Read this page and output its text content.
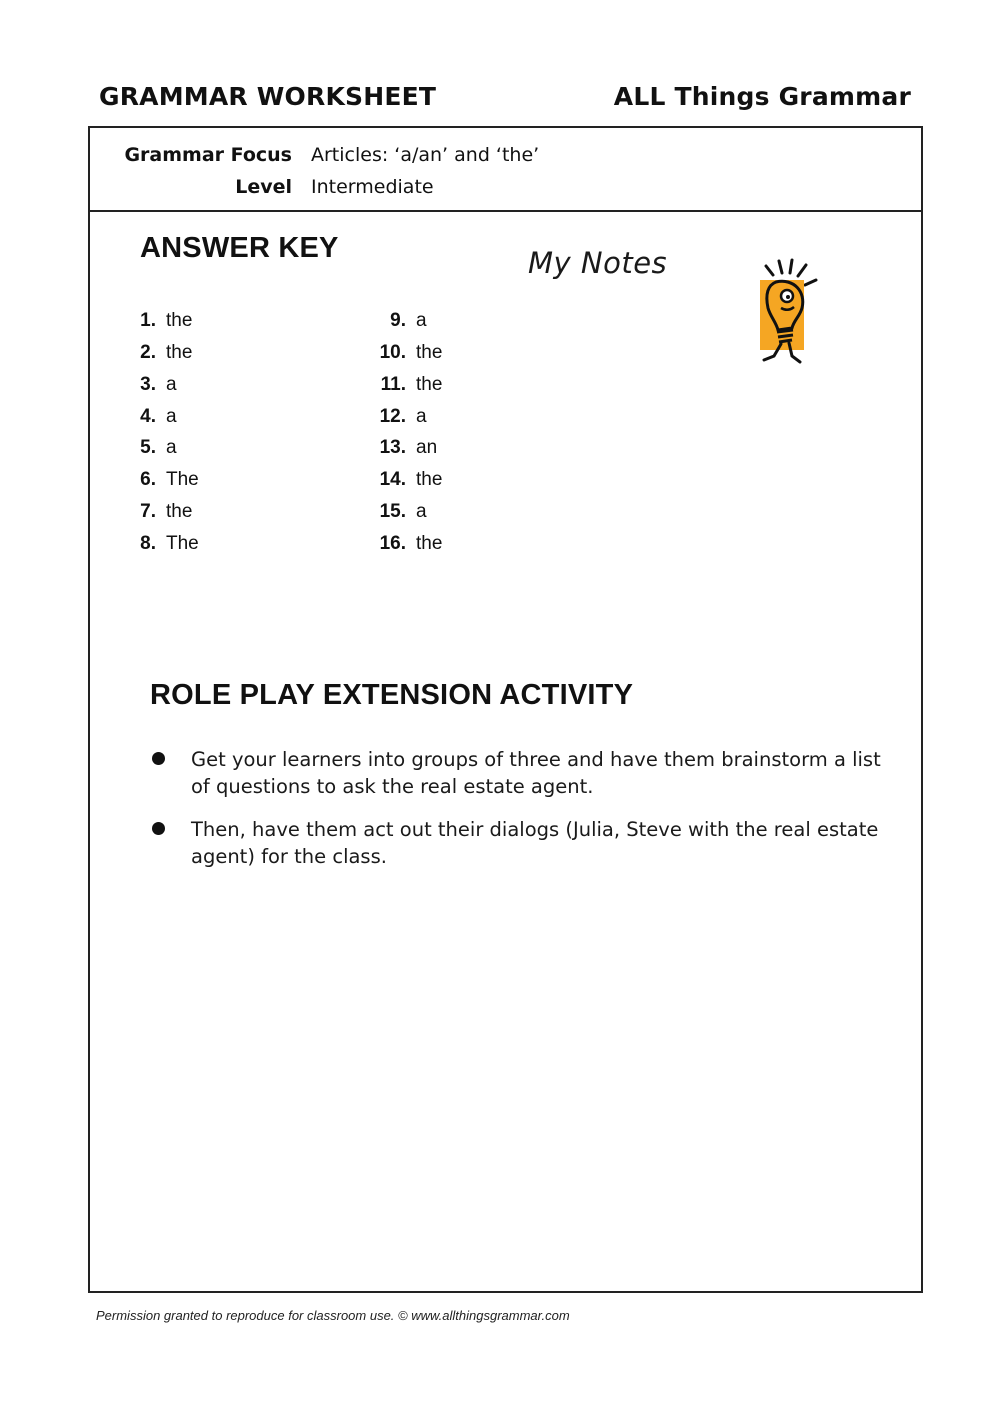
GRAMMAR WORKSHEET	ALL Things Grammar
Grammar Focus Articles: ‘a/an’ and ‘the’
Level Intermediate
ANSWER KEY	My Notes
1. the
2. the
3. a
4. a
5. a
6. The
7. the
8. The
9. a
10. the
11. the
12. a
13. an
14. the
15. a
16. the
ROLE PLAY EXTENSION ACTIVITY
Get your learners into groups of three and have them brainstorm a list of questions to ask the real estate agent.
Then, have them act out their dialogs (Julia, Steve with the real estate agent) for the class.
Permission granted to reproduce for classroom use. © www.allthingsgrammar.com
